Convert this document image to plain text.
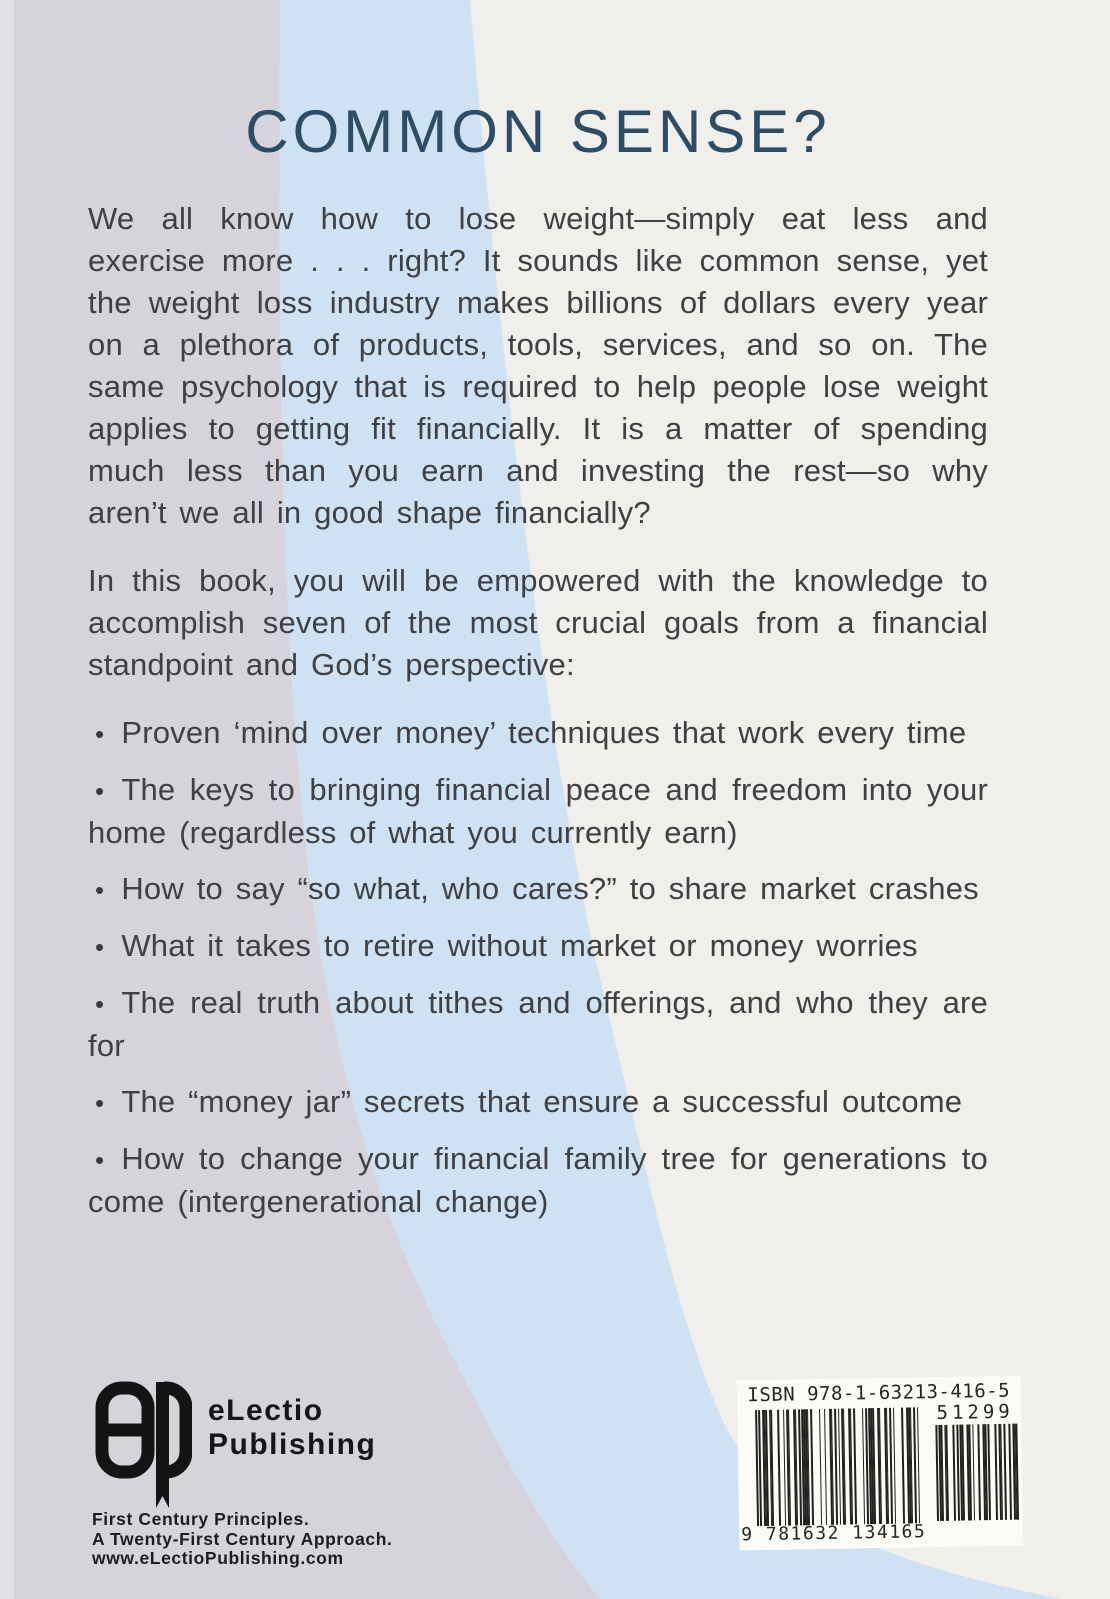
COMMON SENSE?

We all know how to lose weight—simply eat less and exercise more . . . right? It sounds like common sense, yet the weight loss industry makes billions of dollars every year on a plethora of products, tools, services, and so on. The same psychology that is required to help people lose weight applies to getting fit financially. It is a matter of spending much less than you earn and investing the rest—so why aren’t we all in good shape financially?

In this book, you will be empowered with the knowledge to accomplish seven of the most crucial goals from a financial standpoint and God’s perspective:

• Proven ‘mind over money’ techniques that work every time
• The keys to bringing financial peace and freedom into your home (regardless of what you currently earn)
• How to say “so what, who cares?” to share market crashes
• What it takes to retire without market or money worries
• The real truth about tithes and offerings, and who they are for
• The “money jar” secrets that ensure a successful outcome
• How to change your financial family tree for generations to come (intergenerational change)
eLectio
Publishing
First Century Principles.
A Twenty-First Century Approach.
www.eLectioPublishing.com
ISBN 978-1-63213-416-5
9 781632 134165
51299
